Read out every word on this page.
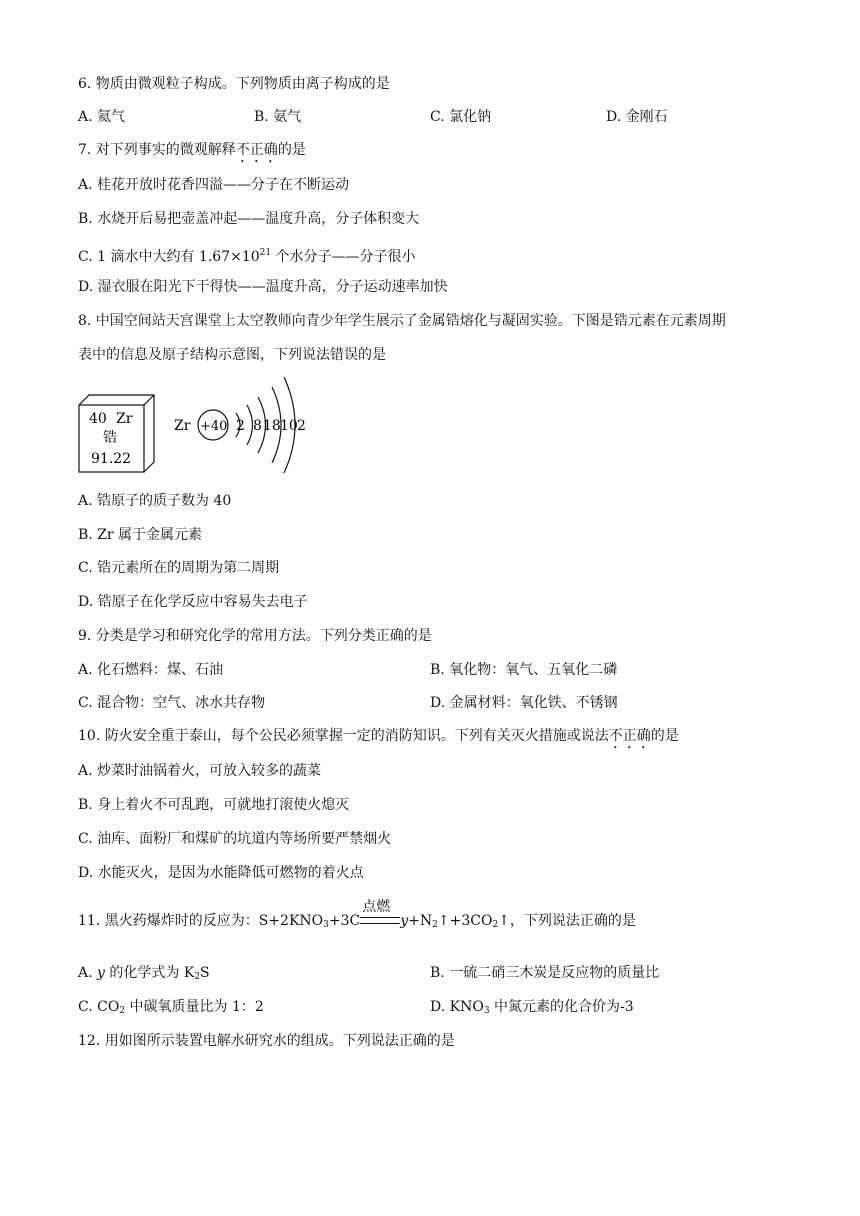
6. 物质由微观粒子构成。下列物质由离子构成的是
A. 氦气	B. 氨气	C. 氯化钠	D. 金刚石
7. 对下列事实的微观解释不正确的是
A. 桂花开放时花香四溢——分子在不断运动
B. 水烧开后易把壶盖冲起——温度升高，分子体积变大
C. 1 滴水中大约有 $1.67\times 10^{21}$ 个水分子——分子很小
D. 湿衣服在阳光下干得快——温度升高，分子运动速率加快
8. 中国空间站天宫课堂上太空教师向青少年学生展示了金属锆熔化与凝固实验。下图是锆元素在元素周期
表中的信息及原子结构示意图，下列说法错误的是
40 Zr
锆
91.22
Zr +40 2 8 18 10 2
A. 锆原子的质子数为 40
B. Zr 属于金属元素
C. 锆元素所在的周期为第二周期
D. 锆原子在化学反应中容易失去电子
9. 分类是学习和研究化学的常用方法。下列分类正确的是
A. 化石燃料：煤、石油	B. 氧化物：氧气、五氧化二磷
C. 混合物：空气、冰水共存物	D. 金属材料：氧化铁、不锈钢
10. 防火安全重于泰山，每个公民必须掌握一定的消防知识。下列有关灭火措施或说法不正确的是
A. 炒菜时油锅着火，可放入较多的蔬菜
B. 身上着火不可乱跑，可就地打滚使火熄灭
C. 油库、面粉厂和煤矿的坑道内等场所要严禁烟火
D. 水能灭火，是因为水能降低可燃物的着火点
11. 黑火药爆炸时的反应为：$S+2KNO_3+3C$
点燃
$y+N_2↑+3CO_2↑$，下列说法正确的是
A. y 的化学式为 $K_2S$	B. 一硫二硝三木炭是反应物的质量比
C. $CO_2$ 中碳氧质量比为 1：2	D. $KNO_3$ 中氮元素的化合价为-3
12. 用如图所示装置电解水研究水的组成。下列说法正确的是
